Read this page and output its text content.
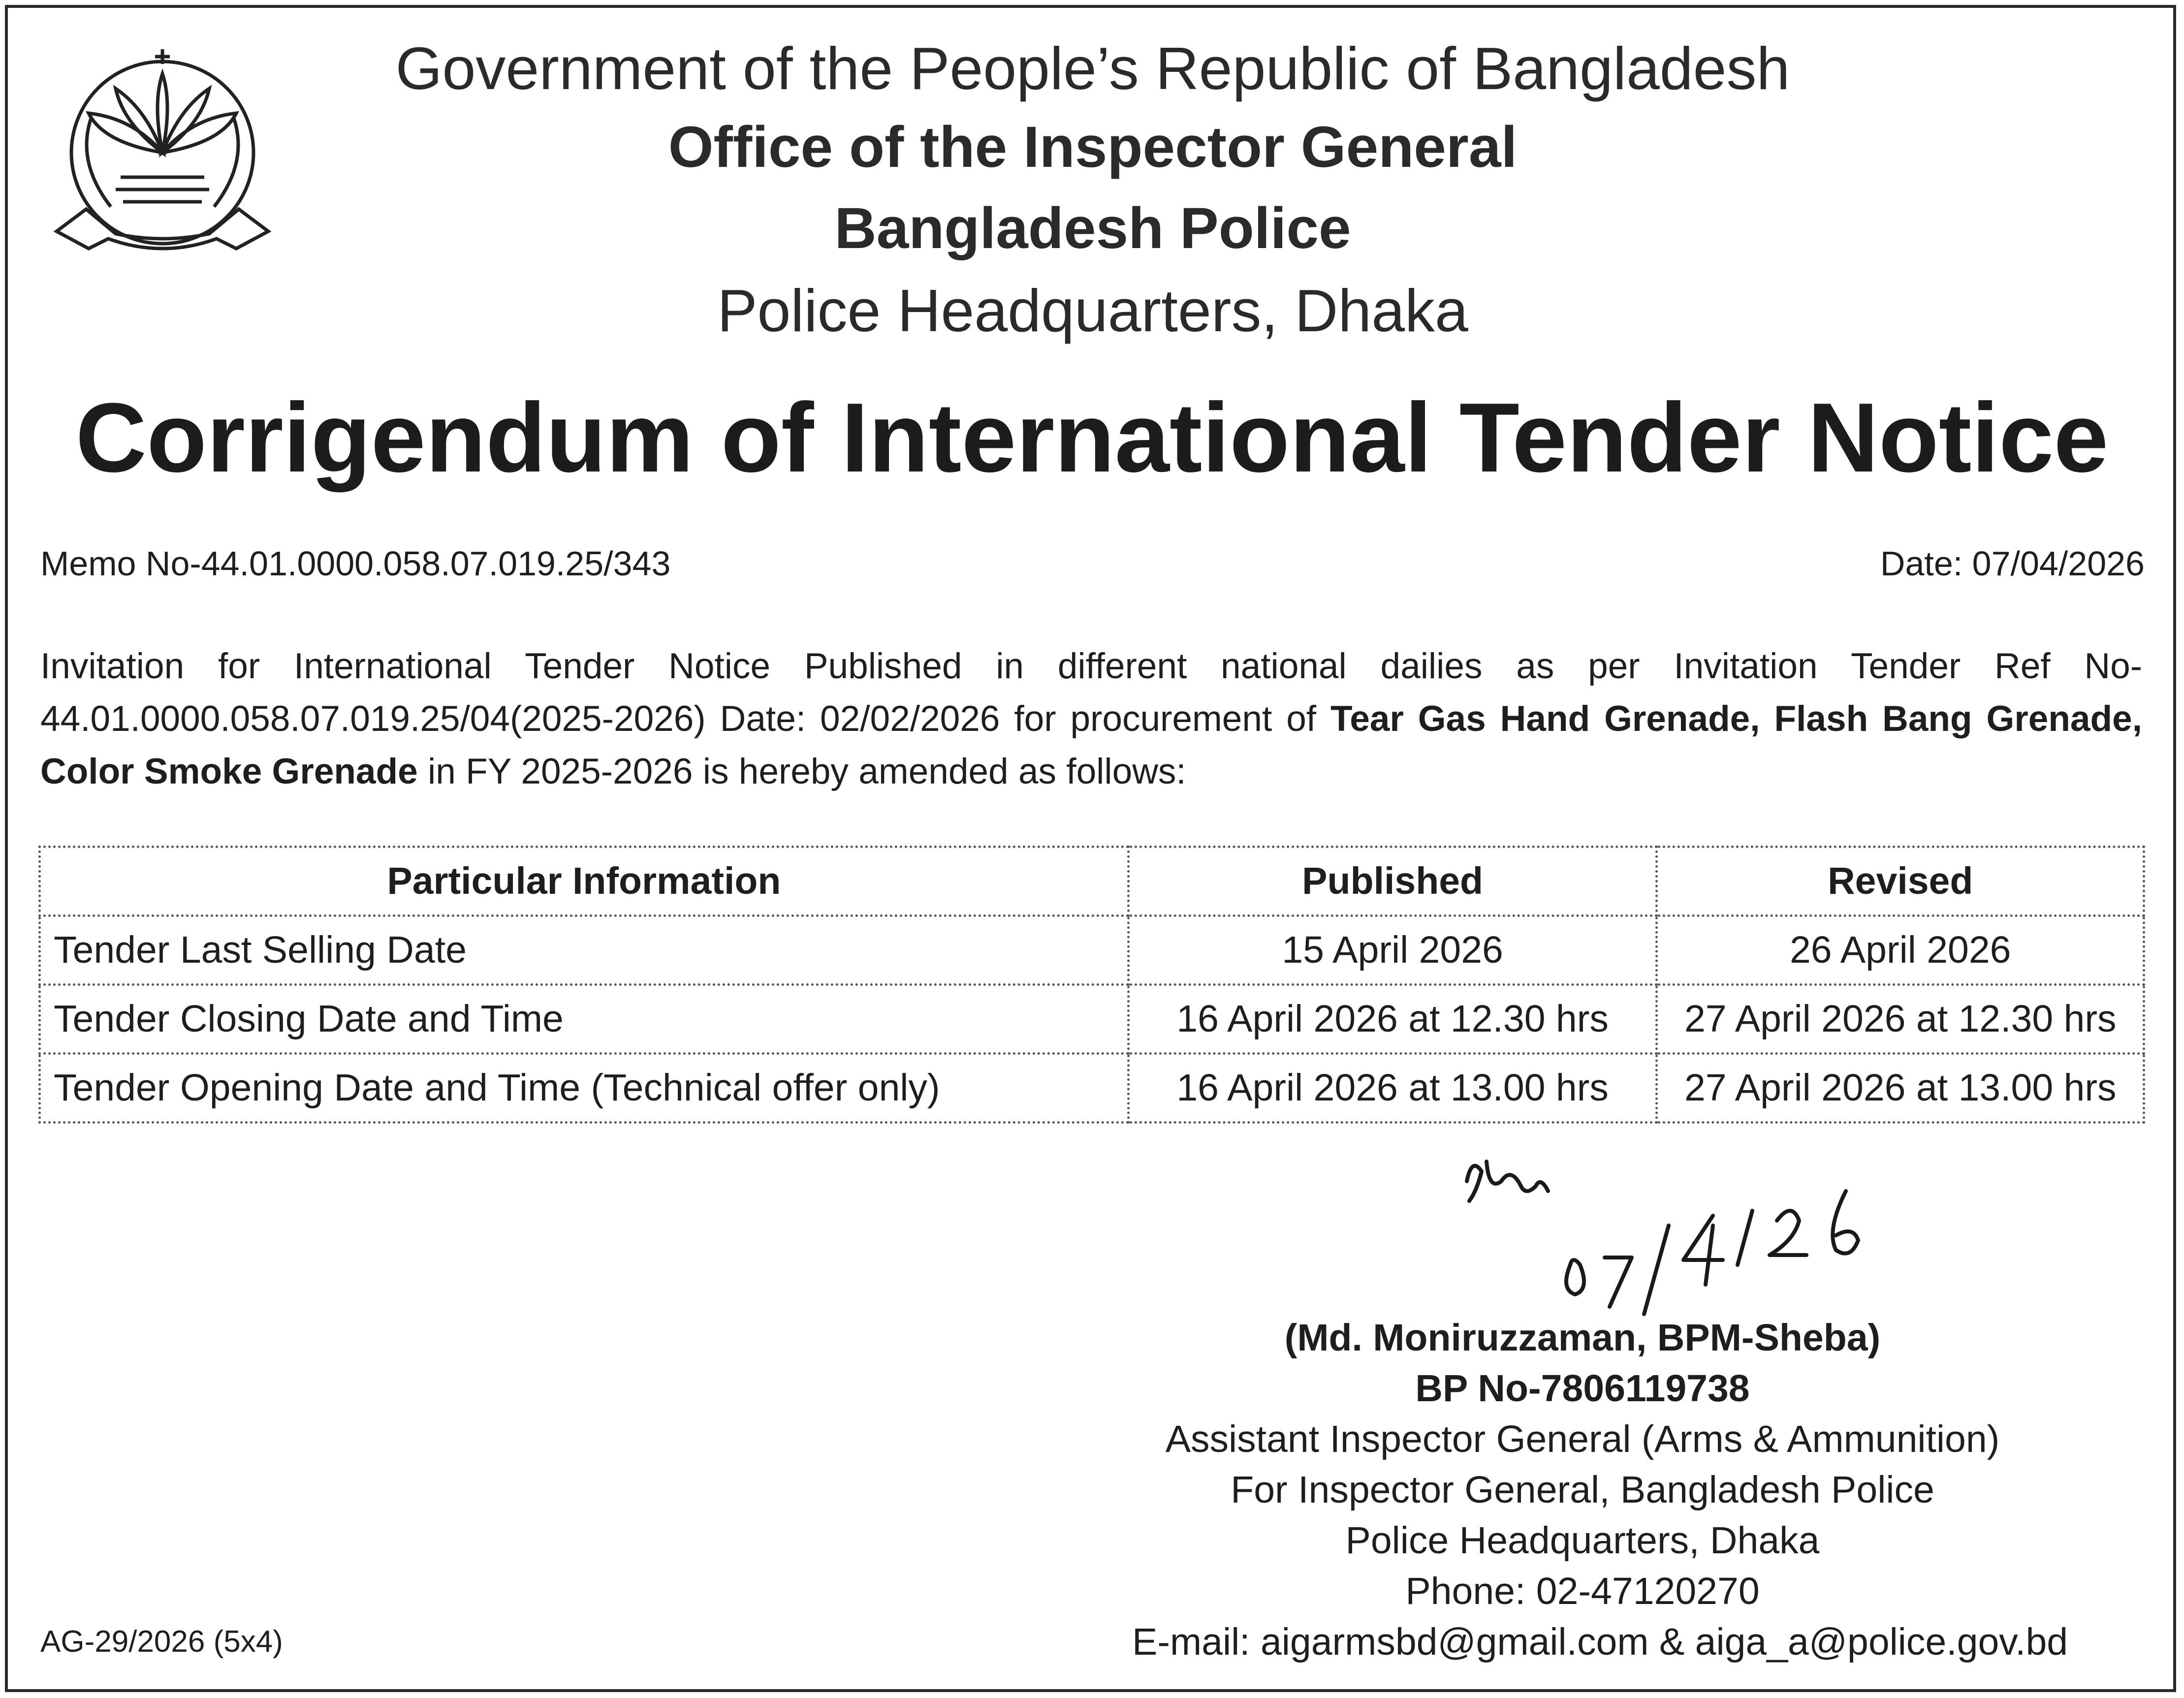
Government of the People’s Republic of Bangladesh
Office of the Inspector General
Bangladesh Police
Police Headquarters, Dhaka
Corrigendum of International Tender Notice
Memo No-44.01.0000.058.07.019.25/343	Date: 07/04/2026
Invitation for International Tender Notice Published in different national dailies as per Invitation Tender Ref No-44.01.0000.058.07.019.25/04(2025-2026) Date: 02/02/2026 for procurement of Tear Gas Hand Grenade, Flash Bang Grenade, Color Smoke Grenade in FY 2025-2026 is hereby amended as follows:
Particular Information	Published	Revised
Tender Last Selling Date	15 April 2026	26 April 2026
Tender Closing Date and Time	16 April 2026 at 12.30 hrs	27 April 2026 at 12.30 hrs
Tender Opening Date and Time (Technical offer only)	16 April 2026 at 13.00 hrs	27 April 2026 at 13.00 hrs
(Md. Moniruzzaman, BPM-Sheba)
BP No-7806119738
Assistant Inspector General (Arms & Ammunition)
For Inspector General, Bangladesh Police
Police Headquarters, Dhaka
Phone: 02-47120270
E-mail: aigarmsbd@gmail.com & aiga_a@police.gov.bd
AG-29/2026 (5x4)
